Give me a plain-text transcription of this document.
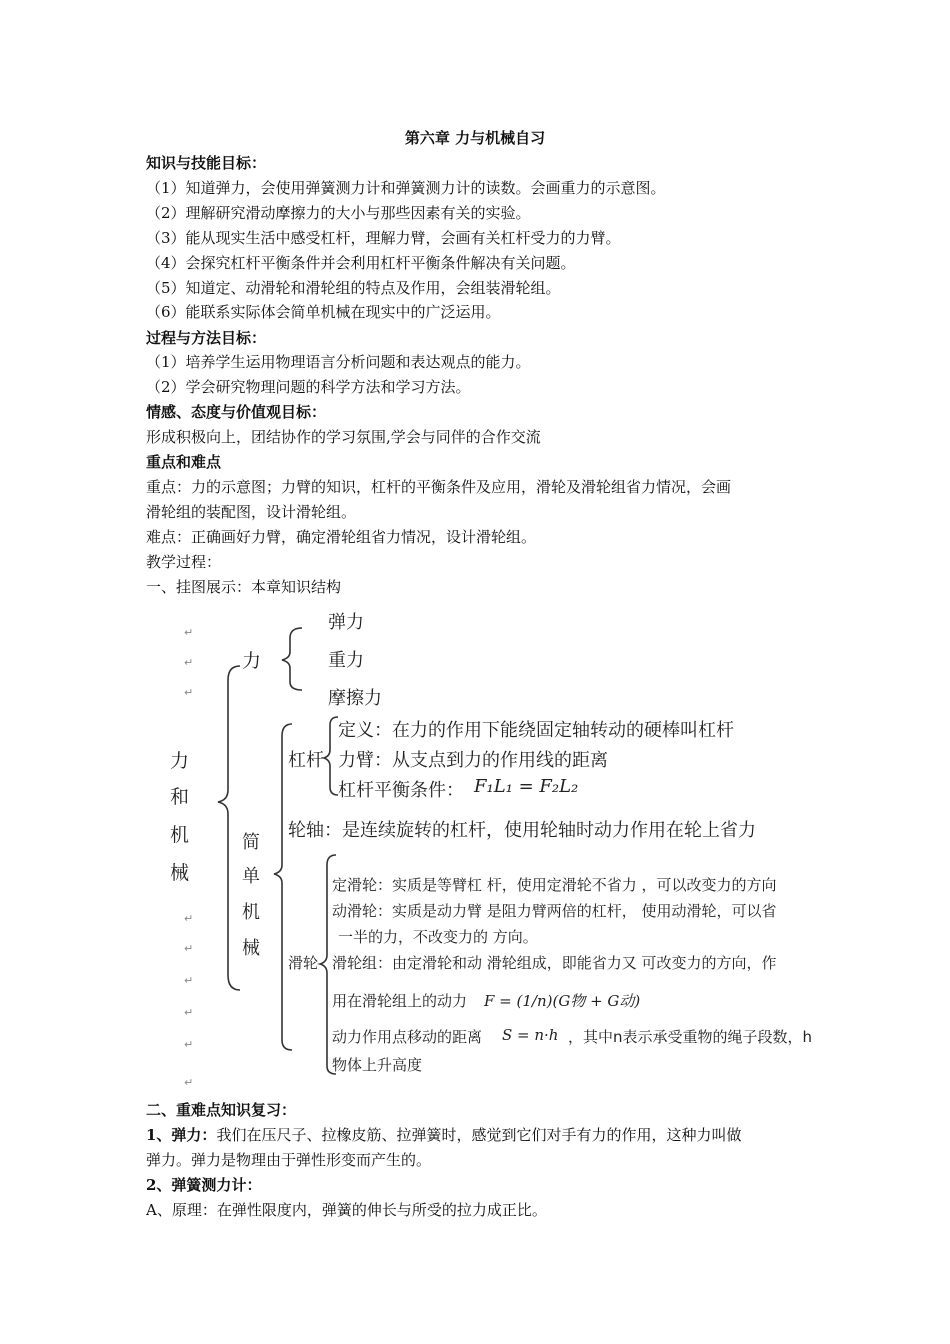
第六章 力与机械自习
知识与技能目标：
（1）知道弹力，会使用弹簧测力计和弹簧测力计的读数。会画重力的示意图。
（2）理解研究滑动摩擦力的大小与那些因素有关的实验。
（3）能从现实生活中感受杠杆，理解力臂，会画有关杠杆受力的力臂。
（4）会探究杠杆平衡条件并会利用杠杆平衡条件解决有关问题。
（5）知道定、动滑轮和滑轮组的特点及作用，会组装滑轮组。
（6）能联系实际体会简单机械在现实中的广泛运用。
过程与方法目标：
（1）培养学生运用物理语言分析问题和表达观点的能力。
（2）学会研究物理问题的科学方法和学习方法。
情感、态度与价值观目标：
形成积极向上，团结协作的学习氛围,学会与同伴的合作交流
重点和难点
重点：力的示意图；力臂的知识，杠杆的平衡条件及应用，滑轮及滑轮组省力情况，会画
滑轮组的装配图，设计滑轮组。
难点：正确画好力臂，确定滑轮组省力情况，设计滑轮组。
教学过程：
一、挂图展示：本章知识结构
↵
↵
↵
↵
↵
↵
↵
↵
↵
力
和
机
械
力
弹力
重力
摩擦力
简
单
机
械
杠杆
定义：在力的作用下能绕固定轴转动的硬棒叫杠杆
力臂：从支点到力的作用线的距离
杠杆平衡条件： F₁L₁ = F₂L₂
轮轴：是连续旋转的杠杆，使用轮轴时动力作用在轮上省力
滑轮
定滑轮：实质是等臂杠 杆，使用定滑轮不省力 ，可以改变力的方向
动滑轮：实质是动力臂 是阻力臂两倍的杠杆， 使用动滑轮，可以省
一半的力，不改变力的 方向。
滑轮组：由定滑轮和动 滑轮组成，即能省力又 可改变力的方向，作
用在滑轮组上的动力 F = (1/n)(G物 + G动)
动力作用点移动的距离 S = n·h ，其中n表示承受重物的绳子段数，h
物体上升高度
二、重难点知识复习：
1、弹力：我们在压尺子、拉橡皮筋、拉弹簧时，感觉到它们对手有力的作用，这种力叫做
弹力。弹力是物理由于弹性形变而产生的。
2、弹簧测力计：
A、原理：在弹性限度内，弹簧的伸长与所受的拉力成正比。
